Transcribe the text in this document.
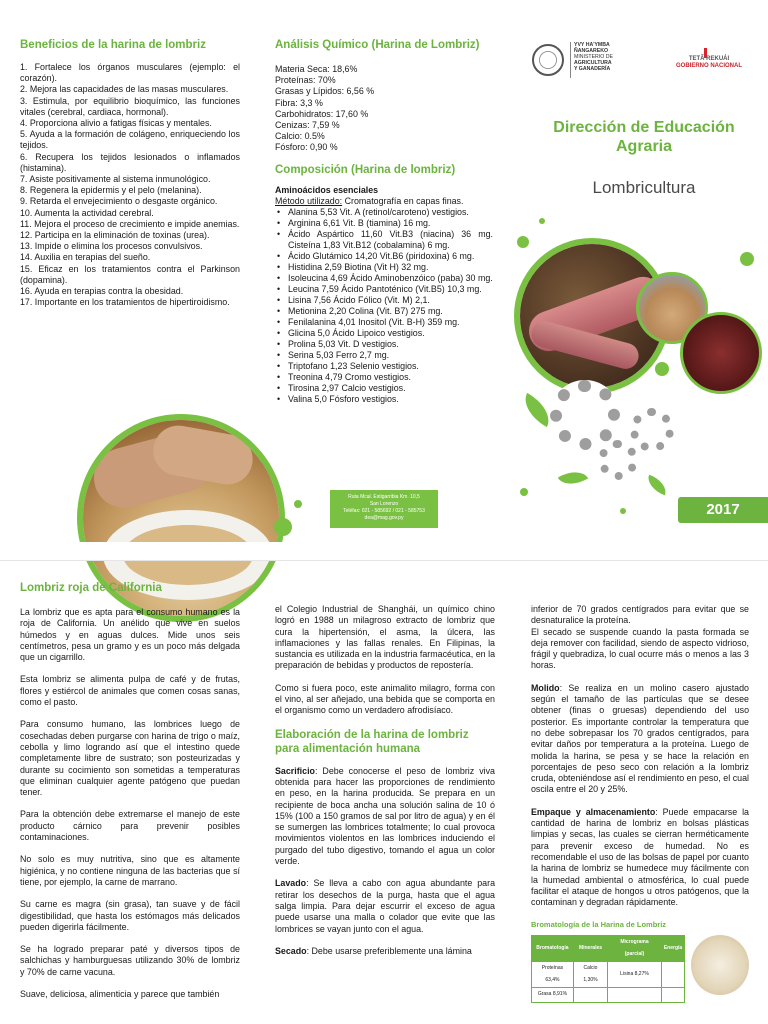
Beneficios de la harina de lombriz
1. Fortalece los órganos musculares (ejemplo: el corazón).
2. Mejora las capacidades de las masas musculares.
3. Estimula, por equilibrio bioquímico, las funciones vitales (cerebral, cardiaca, hormonal).
4. Proporciona alivio a fatigas físicas y mentales.
5. Ayuda a la formación de colágeno, enriqueciendo los tejidos.
6. Recupera los tejidos lesionados o inflamados (histamina).
7. Asiste positivamente al sistema inmunológico.
8. Regenera la epidermis y el pelo (melanina).
9. Retarda el envejecimiento o desgaste orgánico.
10. Aumenta la actividad cerebral.
11. Mejora el proceso de crecimiento e impide anemias.
12. Participa en la eliminación de toxinas (urea).
13. Impide o elimina los procesos convulsivos.
14. Auxilia en terapias del sueño.
15. Eficaz en los tratamientos contra el Parkinson (dopamina).
16. Ayuda en terapias contra la obesidad.
17. Importante en los tratamientos de hipertiroidismo.
Análisis Químico (Harina de Lombriz)
Materia Seca: 18,6%
Proteínas: 70%
Grasas y Lípidos: 6,56 %
Fibra: 3,3 %
Carbohidratos: 17,60 %
Cenizas: 7,59 %
Calcio: 0.5%
Fósforo: 0,90 %
Composición (Harina de lombriz)
Aminoácidos esenciales
Método utilizado: Cromatografía en capas finas.
• Alanina 5,53 Vit. A (retinol/caroteno) vestigios.
• Arginina 6,61 Vit. B (tiamina) 16 mg.
• Ácido Aspártico 11,60 Vit.B3 (niacina) 36 mg. Cisteína 1,83 Vit.B12 (cobalamina) 6 mg.
• Ácido Glutámico 14,20 Vit.B6 (piridoxina) 6 mg.
• Histidina 2,59 Biotina (Vit H) 32 mg.
• Isoleucina 4,69 Ácido Aminobenzóico (paba) 30 mg.
• Leucina 7,59 Ácido Pantoténico (Vit.B5) 10,3 mg.
• Lisina 7,56 Ácido Fólico (Vit. M) 2,1.
• Metionina 2,20 Colina (Vit. B7) 275 mg.
• Fenilalanina 4,01 Inositol (Vit. B-H) 359 mg.
• Glicina 5,0 Ácido Lipoico vestigios.
• Prolina 5,03 Vit. D vestigios.
• Serina 5,03 Ferro 2,7 mg.
• Triptofano 1,23 Selenio vestigios.
• Treonina 4,79 Cromo vestigios.
• Tirosina 2,97 Calcio vestigios.
• Valina 5,0 Fósforo vestigios.
Ruta Mcal. Estigarribia Km. 10,5
San Lorenzo
Teléfax: 021 - 585692 / 021 - 585753
dea@mag.gov.py
YVY HA'YMBA
ÑANGAREKO
MINISTERIO DE
AGRICULTURA
Y GANADERÍA
TETÃ REKUÁI
GOBIERNO NACIONAL
Dirección de Educación
Agraria
Lombricultura
2017
Lombriz roja de California
La lombriz que es apta para el consumo humano es la roja de California. Un anélido que vive en suelos húmedos y en aguas dulces. Mide unos seis centímetros, pesa un gramo y es un poco más delgada que un cigarrillo.
Esta lombriz se alimenta pulpa de café y de frutas, flores y estiércol de animales que comen cosas sanas, como el pasto.
Para consumo humano, las lombrices luego de cosechadas deben purgarse con harina de trigo o maíz, cebolla y limo logrando así que el intestino quede completamente libre de sustrato; son posteurizadas y durante su cocimiento son sometidas a temperaturas que eliminan cualquier agente patógeno que puedan tener.
Para la obtención debe extremarse el manejo de este producto cárnico para prevenir posibles contaminaciones.
No solo es muy nutritiva, sino que es altamente higiénica, y no contiene ninguna de las bacterias que sí tiene, por ejemplo, la carne de marrano.
Su carne es magra (sin grasa), tan suave y de fácil digestibilidad, que hasta los estómagos más delicados pueden digerirla fácilmente.
Se ha logrado preparar paté y diversos tipos de salchichas y hamburguesas utilizando 30% de lombriz y 70% de carne vacuna.
Suave, deliciosa, alimenticia y parece que también
el Colegio Industrial de Shanghái, un químico chino logró en 1988 un milagroso extracto de lombriz que cura la hipertensión, el asma, la úlcera, las inflamaciones y las fallas renales. En Filipinas, la sustancia es utilizada en la industria farmacéutica, en la preparación de bebidas y productos de repostería.
Como si fuera poco, este animalito milagro, forma con el vino, al ser añejado, una bebida que se comporta en el organismo como un verdadero afrodisíaco.
Elaboración de la harina de lombriz para alimentación humana
Sacrificio: Debe conocerse el peso de lombriz viva obtenida para hacer las proporciones de rendimiento en peso, en la harina producida. Se prepara en un recipiente de boca ancha una solución salina de 10 ó 15% (100 a 150 gramos de sal por litro de agua) y en él se sumergen las lombrices totalmente; lo cual provoca movimientos violentos en las lombrices induciendo el purgado del tubo digestivo, tomando el agua un color verde.
Lavado: Se lleva a cabo con agua abundante para retirar los desechos de la purga, hasta que el agua salga limpia. Para dejar escurrir el exceso de agua puede usarse una malla o colador que evite que las lombrices se vayan junto con el agua.
Secado: Debe usarse preferiblemente una lámina
inferior de 70 grados centígrados para evitar que se desnaturalice la proteína.
El secado se suspende cuando la pasta formada se deja remover con facilidad, siendo de aspecto vidrioso, frágil y quebradiza, lo cual ocurre más o menos a las 3 horas.
Molido: Se realiza en un molino casero ajustado según el tamaño de las partículas que se desee obtener (finas o gruesas) dependiendo del uso posterior. Es importante controlar la temperatura que no debe sobrepasar los 70 grados centígrados, para evitar daños por temperatura a la proteína. Luego de molida la harina, se pesa y se hace la relación en porcentajes de peso seco con relación a la lombriz cruda, obteniéndose así el rendimiento en peso, el cual oscila entre el 20 y 25%.
Empaque y almacenamiento: Puede empacarse la cantidad de harina de lombriz en bolsas plásticas limpias y secas, las cuales se cierran herméticamente para prevenir exceso de humedad. No es recomendable el uso de las bolsas de papel por cuanto la harina de lombriz se humedece muy fácilmente con la humedad ambiental o atmosférica, lo cual puede facilitar el ataque de hongos u otros patógenos, que la contaminan y degradan rápidamente.
Bromatología de la Harina de Lombriz
Bromatología	Minerales	Micrograma (parcial)	Energía
Proteínas 63,4%	Calcio 1,30%	Lisina 8,27%	
Grasa 8,91%			
